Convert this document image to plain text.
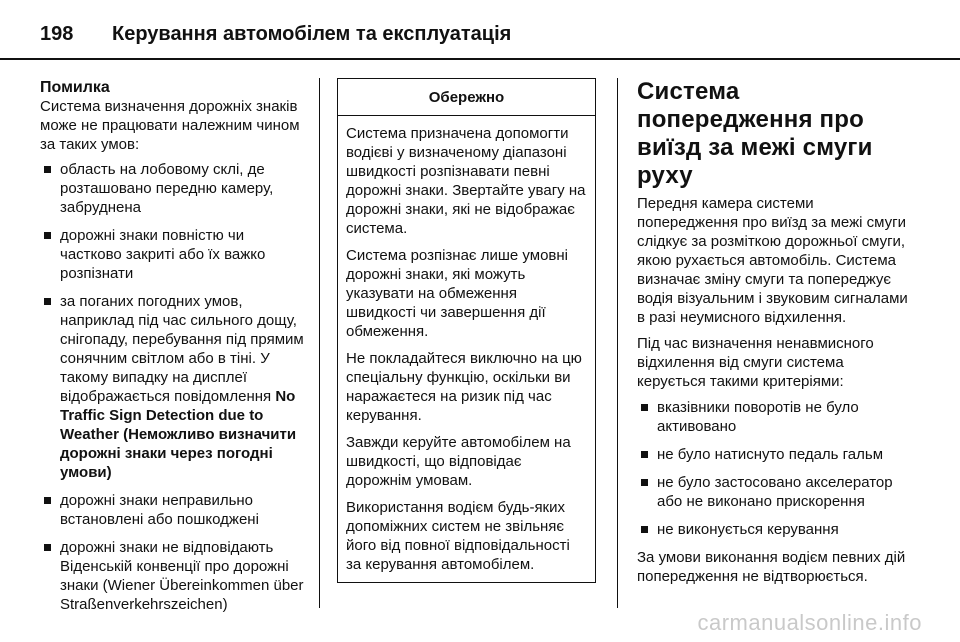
198	Керування автомобілем та експлуатація
Помилка

Система визначення дорожніх знаків може не працювати належним чином за таких умов:

область на лобовому склі, де розташовано передню камеру, забруднена
дорожні знаки повністю чи частково закриті або їх важко розпізнати
за поганих погодних умов, наприклад під час сильного дощу, снігопаду, перебування під прямим сонячним світлом або в тіні. У такому випадку на дисплеї відображається повідомлення No Traffic Sign Detection due to Weather (Неможливо визначити дорожні знаки через погодні умови)
дорожні знаки неправильно встановлені або пошкоджені
дорожні знаки не відповідають Віденській конвенції про дорожні знаки (Wiener Übereinkommen über Straßenverkehrszeichen)
Обережно

Система призначена допомогти водієві у визначеному діапазоні швидкості розпізнавати певні дорожні знаки. Звертайте увагу на дорожні знаки, які не відображає система.

Система розпізнає лише умовні дорожні знаки, які можуть указувати на обмеження швидкості чи завершення дії обмеження.

Не покладайтеся виключно на цю спеціальну функцію, оскільки ви наражаєтеся на ризик під час керування.

Завжди керуйте автомобілем на швидкості, що відповідає дорожнім умовам.

Використання водієм будь-яких допоміжних систем не звільняє його від повної відповідальності за керування автомобілем.

Система попередження про виїзд за межі смуги руху

Передня камера системи попередження про виїзд за межі смуги слідкує за розміткою дорожньої смуги, якою рухається автомобіль. Система визначає зміну смуги та попереджує водія візуальним і звуковим сигналами в разі неумисного відхилення.

Під час визначення ненавмисного відхилення від смуги система керується такими критеріями:

вказівники поворотів не було активовано
не було натиснуто педаль гальм
не було застосовано акселератор або не виконано прискорення
не виконується керування

За умови виконання водієм певних дій попередження не відтворюється.

carmanualsonline.info
